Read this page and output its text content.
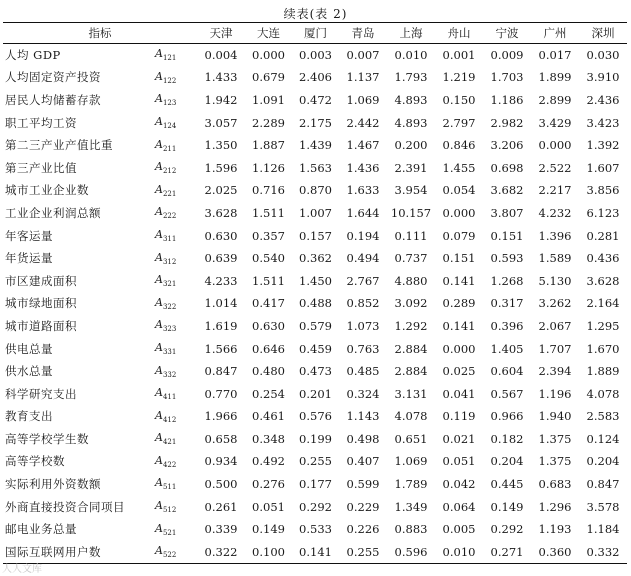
续表(表 2)
指标		天津	大连	厦门	青岛	上海	舟山	宁波	广州	深圳
人均 GDP	$A_{121}$	0.004	0.000	0.003	0.007	0.010	0.001	0.009	0.017	0.030
人均固定资产投资	$A_{122}$	1.433	0.679	2.406	1.137	1.793	1.219	1.703	1.899	3.910
居民人均储蓄存款	$A_{123}$	1.942	1.091	0.472	1.069	4.893	0.150	1.186	2.899	2.436
职工平均工资	$A_{124}$	3.057	2.289	2.175	2.442	4.893	2.797	2.982	3.429	3.423
第二三产业产值比重	$A_{211}$	1.350	1.887	1.439	1.467	0.200	0.846	3.206	0.000	1.392
第三产业比值	$A_{212}$	1.596	1.126	1.563	1.436	2.391	1.455	0.698	2.522	1.607
城市工业企业数	$A_{221}$	2.025	0.716	0.870	1.633	3.954	0.054	3.682	2.217	3.856
工业企业利润总额	$A_{222}$	3.628	1.511	1.007	1.644	10.157	0.000	3.807	4.232	6.123
年客运量	$A_{311}$	0.630	0.357	0.157	0.194	0.111	0.079	0.151	1.396	0.281
年货运量	$A_{312}$	0.639	0.540	0.362	0.494	0.737	0.151	0.593	1.589	0.436
市区建成面积	$A_{321}$	4.233	1.511	1.450	2.767	4.880	0.141	1.268	5.130	3.628
城市绿地面积	$A_{322}$	1.014	0.417	0.488	0.852	3.092	0.289	0.317	3.262	2.164
城市道路面积	$A_{323}$	1.619	0.630	0.579	1.073	1.292	0.141	0.396	2.067	1.295
供电总量	$A_{331}$	1.566	0.646	0.459	0.763	2.884	0.000	1.405	1.707	1.670
供水总量	$A_{332}$	0.847	0.480	0.473	0.485	2.884	0.025	0.604	2.394	1.889
科学研究支出	$A_{411}$	0.770	0.254	0.201	0.324	3.131	0.041	0.567	1.196	4.078
教育支出	$A_{412}$	1.966	0.461	0.576	1.143	4.078	0.119	0.966	1.940	2.583
高等学校学生数	$A_{421}$	0.658	0.348	0.199	0.498	0.651	0.021	0.182	1.375	0.124
高等学校数	$A_{422}$	0.934	0.492	0.255	0.407	1.069	0.051	0.204	1.375	0.204
实际利用外资数额	$A_{511}$	0.500	0.276	0.177	0.599	1.789	0.042	0.445	0.683	0.847
外商直接投资合同项目	$A_{512}$	0.261	0.051	0.292	0.229	1.349	0.064	0.149	1.296	3.578
邮电业务总量	$A_{521}$	0.339	0.149	0.533	0.226	0.883	0.005	0.292	1.193	1.184
国际互联网用户数	$A_{522}$	0.322	0.100	0.141	0.255	0.596	0.010	0.271	0.360	0.332
人人文库
